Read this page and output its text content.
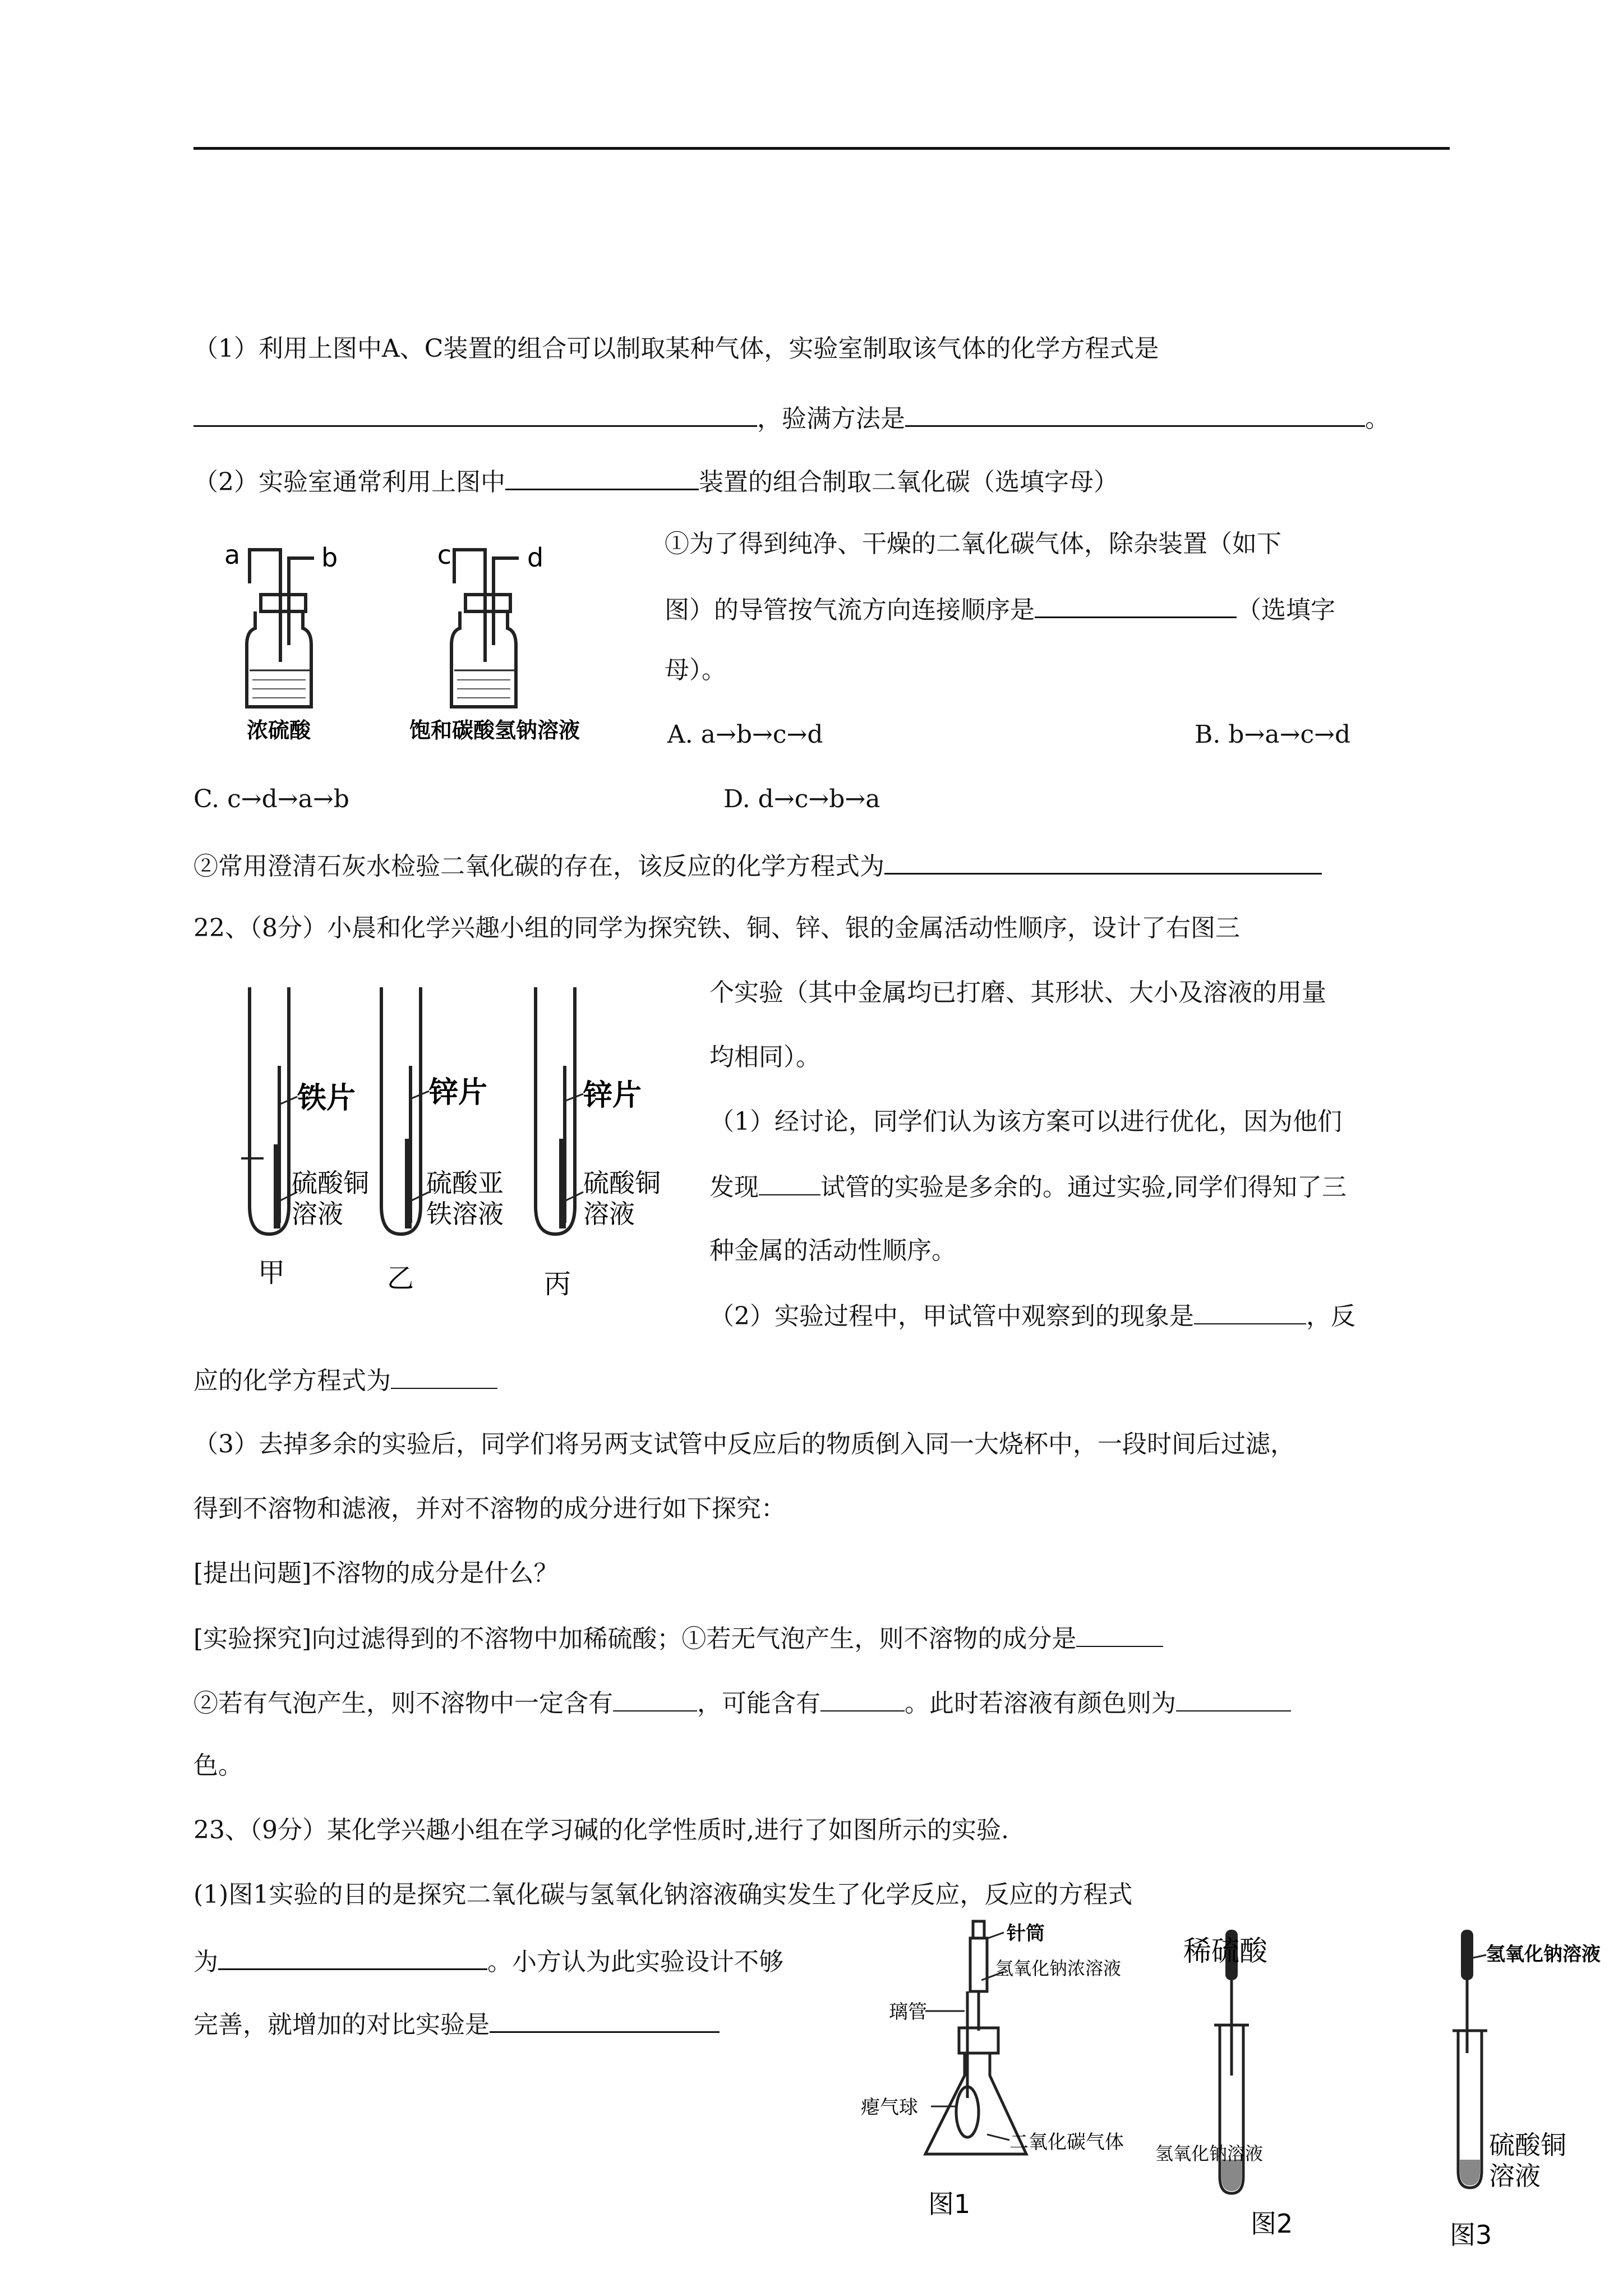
（1）利用上图中A、C装置的组合可以制取某种气体，实验室制取该气体的化学方程式是
，验满方法是	。
（2）实验室通常利用上图中	装置的组合制取二氧化碳（选填字母）
a	b	c	d
浓硫酸	饱和碳酸氢钠溶液
①为了得到纯净、干燥的二氧化碳气体，除杂装置（如下
图）的导管按气流方向连接顺序是	（选填字
母）。
A. a→b→c→d	B. b→a→c→d
C. c→d→a→b	D. d→c→b→a
②常用澄清石灰水检验二氧化碳的存在，该反应的化学方程式为
22、（8分）小晨和化学兴趣小组的同学为探究铁、铜、锌、银的金属活动性顺序，设计了右图三
铁片
硫酸铜
溶液
甲
锌片
硫酸亚
铁溶液
乙
锌片
硫酸铜
溶液
丙
个实验（其中金属均已打磨、其形状、大小及溶液的用量
均相同）。
（1）经讨论，同学们认为该方案可以进行优化，因为他们
发现	试管的实验是多余的。通过实验,同学们得知了三
种金属的活动性顺序。
（2）实验过程中，甲试管中观察到的现象是	，反
应的化学方程式为
（3）去掉多余的实验后，同学们将另两支试管中反应后的物质倒入同一大烧杯中，一段时间后过滤，
得到不溶物和滤液，并对不溶物的成分进行如下探究：
[提出问题]不溶物的成分是什么？
[实验探究]向过滤得到的不溶物中加稀硫酸；①若无气泡产生，则不溶物的成分是
②若有气泡产生，则不溶物中一定含有	，可能含有	。此时若溶液有颜色则为
色。
23、（9分）某化学兴趣小组在学习碱的化学性质时,进行了如图所示的实验.
(1)图1实验的目的是探究二氧化碳与氢氧化钠溶液确实发生了化学反应，反应的方程式
为	。小方认为此实验设计不够
完善，就增加的对比实验是
针筒
氢氧化钠浓溶液
璃管
瘪气球
二氧化碳气体
图1
稀硫酸
氢氧化钠溶液
图2
氢氧化钠溶液
硫酸铜
溶液
图3
